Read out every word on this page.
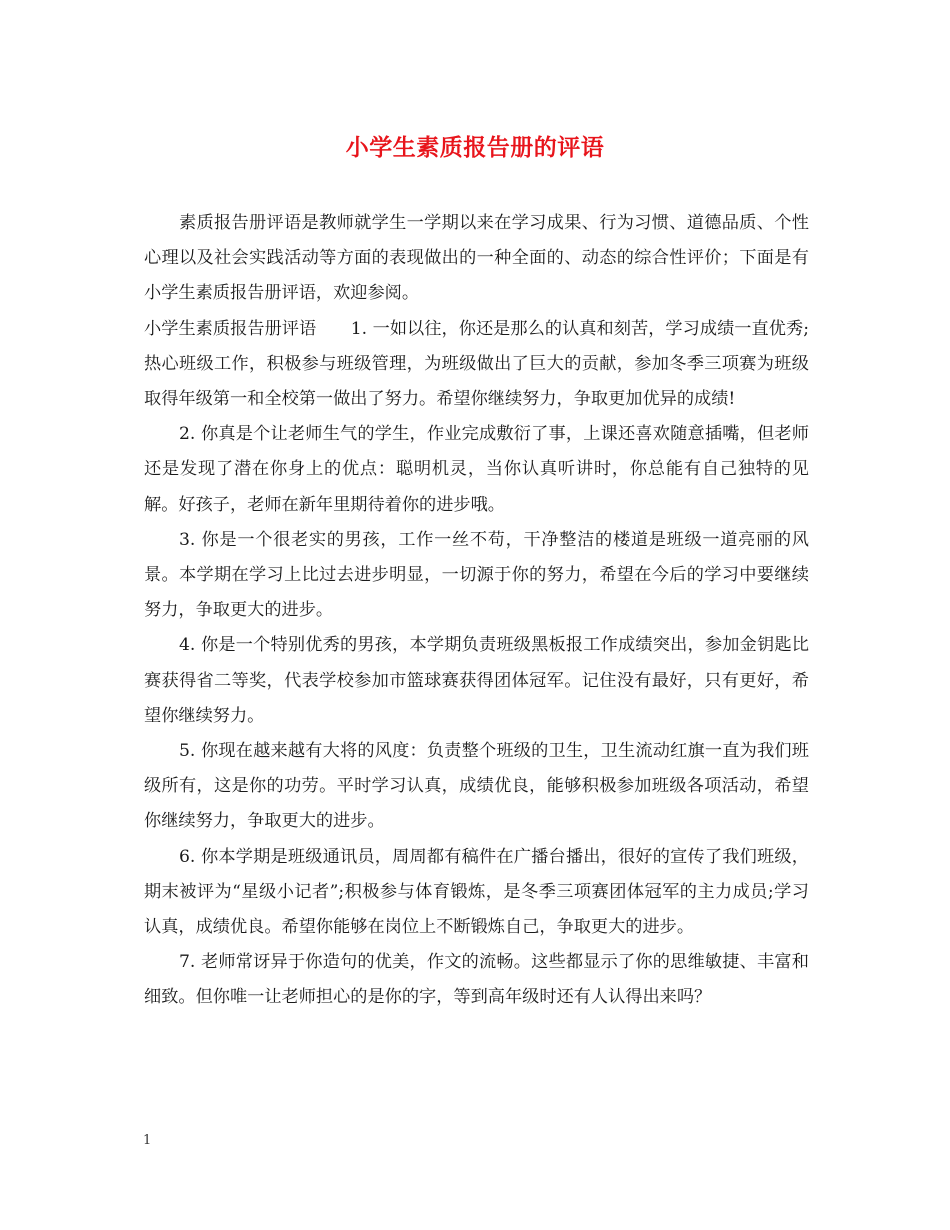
小学生素质报告册的评语

素质报告册评语是教师就学生一学期以来在学习成果、行为习惯、道德品质、个性心理以及社会实践活动等方面的表现做出的一种全面的、动态的综合性评价；下面是有小学生素质报告册评语，欢迎参阅。

小学生素质报告册评语　　1. 一如以往，你还是那么的认真和刻苦，学习成绩一直优秀;热心班级工作，积极参与班级管理，为班级做出了巨大的贡献，参加冬季三项赛为班级取得年级第一和全校第一做出了努力。希望你继续努力，争取更加优异的成绩!

2. 你真是个让老师生气的学生，作业完成敷衍了事，上课还喜欢随意插嘴，但老师还是发现了潜在你身上的优点：聪明机灵，当你认真听讲时，你总能有自己独特的见解。好孩子，老师在新年里期待着你的进步哦。

3. 你是一个很老实的男孩，工作一丝不苟，干净整洁的楼道是班级一道亮丽的风景。本学期在学习上比过去进步明显，一切源于你的努力，希望在今后的学习中要继续努力，争取更大的进步。

4. 你是一个特别优秀的男孩，本学期负责班级黑板报工作成绩突出，参加金钥匙比赛获得省二等奖，代表学校参加市篮球赛获得团体冠军。记住没有最好，只有更好，希望你继续努力。

5. 你现在越来越有大将的风度：负责整个班级的卫生，卫生流动红旗一直为我们班级所有，这是你的功劳。平时学习认真，成绩优良，能够积极参加班级各项活动，希望你继续努力，争取更大的进步。

6. 你本学期是班级通讯员，周周都有稿件在广播台播出，很好的宣传了我们班级，期末被评为“星级小记者”;积极参与体育锻炼，是冬季三项赛团体冠军的主力成员;学习认真，成绩优良。希望你能够在岗位上不断锻炼自己，争取更大的进步。

7. 老师常讶异于你造句的优美，作文的流畅。这些都显示了你的思维敏捷、丰富和细致。但你唯一让老师担心的是你的字，等到高年级时还有人认得出来吗？

1
